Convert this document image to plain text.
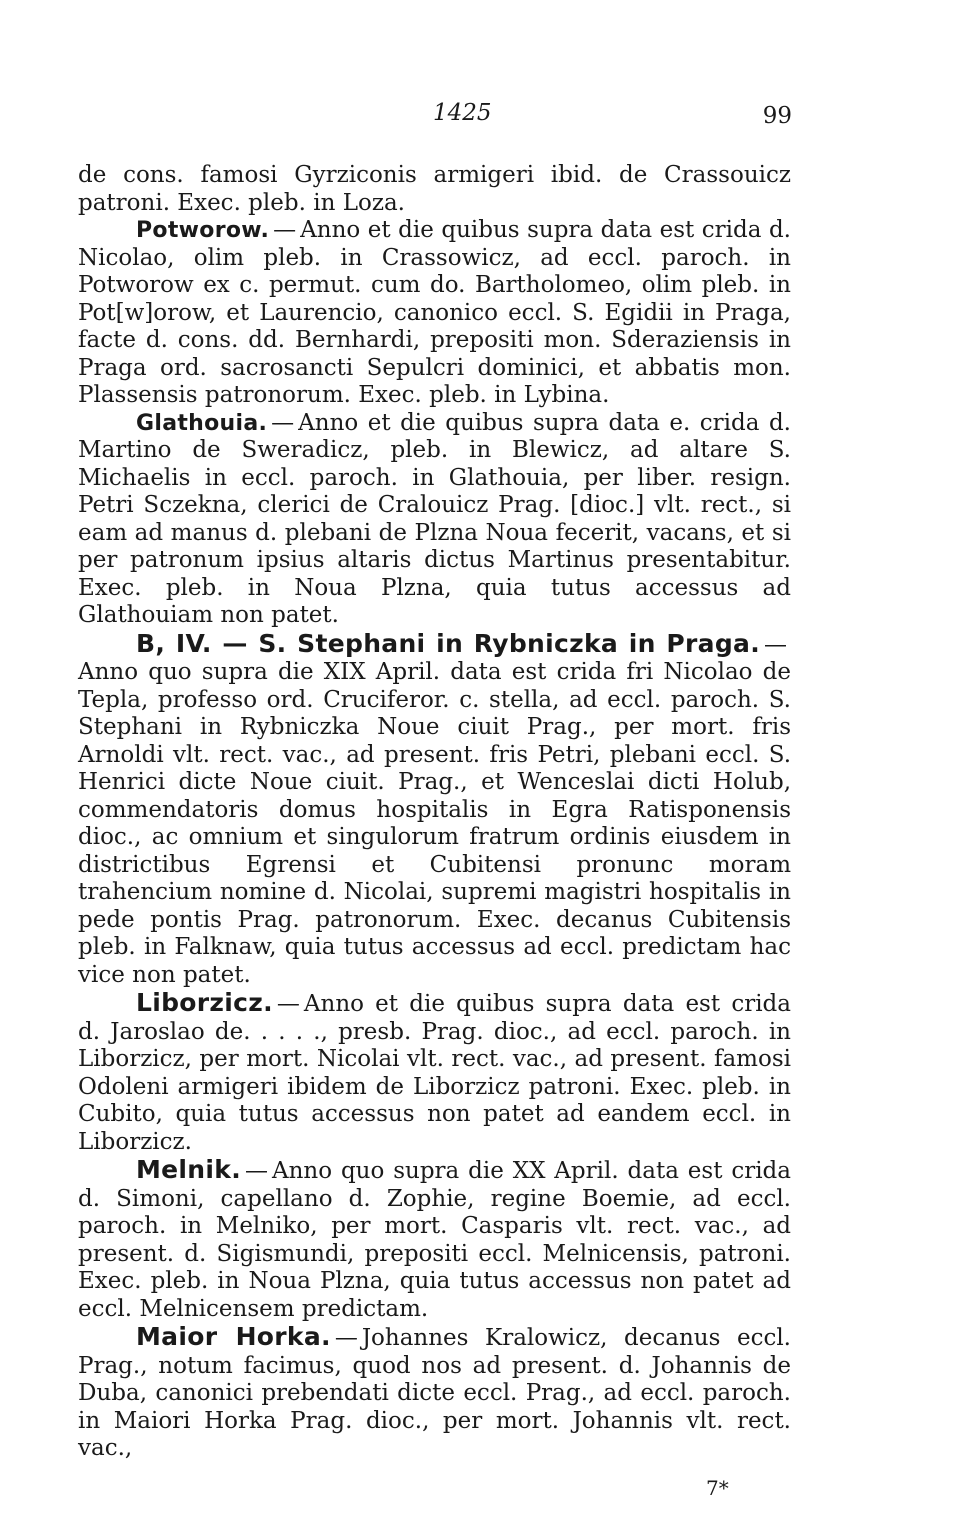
1425	99

de cons. famosi Gyrziconis armigeri ibid. de Crassouicz patroni. Exec. pleb. in Loza.

Potworow. — Anno et die quibus supra data est crida d. Nicolao, olim pleb. in Crassowicz, ad eccl. paroch. in Potworow ex c. permut. cum do. Bartholomeo, olim pleb. in Pot[w]orow, et Laurencio, canonico eccl. S. Egidii in Praga, facte d. cons. dd. Bernhardi, prepositi mon. Sderaziensis in Praga ord. sacrosancti Sepulcri dominici, et abbatis mon. Plassensis patronorum. Exec. pleb. in Lybina.

Glathouia. — Anno et die quibus supra data e. crida d. Martino de Sweradicz, pleb. in Blewicz, ad altare S. Michaelis in eccl. paroch. in Glathouia, per liber. resign. Petri Sczekna, clerici de Cralouicz Prag. [dioc.] vlt. rect., si eam ad manus d. plebani de Plzna Noua fecerit, vacans, et si per patronum ipsius altaris dictus Martinus presentabitur. Exec. pleb. in Noua Plzna, quia tutus accessus ad Glathouiam non patet.

B, IV. — S. Stephani in Rybniczka in Praga. —Anno quo supra die XIX April. data est crida fri Nicolao de Tepla, professo ord. Cruciferor. c. stella, ad eccl. paroch. S. Stephani in Rybniczka Noue ciuit Prag., per mort. fris Arnoldi vlt. rect. vac., ad present. fris Petri, plebani eccl. S. Henrici dicte Noue ciuit. Prag., et Wenceslai dicti Holub, commendatoris domus hospitalis in Egra Ratisponensis dioc., ac omnium et singulorum fratrum ordinis eiusdem in districtibus Egrensi et Cubitensi pronunc moram trahencium nomine d. Nicolai, supremi magistri hospitalis in pede pontis Prag. patronorum. Exec. decanus Cubitensis pleb. in Falknaw, quia tutus accessus ad eccl. predictam hac vice non patet.

Liborzicz. — Anno et die quibus supra data est crida d. Jaroslao de. . . . ., presb. Prag. dioc., ad eccl. paroch. in Liborzicz, per mort. Nicolai vlt. rect. vac., ad present. famosi Odoleni armigeri ibidem de Liborzicz patroni. Exec. pleb. in Cubito, quia tutus accessus non patet ad eandem eccl. in Liborzicz.

Melnik. — Anno quo supra die XX April. data est crida d. Simoni, capellano d. Zophie, regine Boemie, ad eccl. paroch. in Melniko, per mort. Casparis vlt. rect. vac., ad present. d. Sigismundi, prepositi eccl. Melnicensis, patroni. Exec. pleb. in Noua Plzna, quia tutus accessus non patet ad eccl. Melnicensem predictam.

Maior Horka. — Johannes Kralowicz, decanus eccl. Prag., notum facimus, quod nos ad present. d. Johannis de Duba, canonici prebendati dicte eccl. Prag., ad eccl. paroch. in Maiori Horka Prag. dioc., per mort. Johannis vlt. rect. vac.,

7*
